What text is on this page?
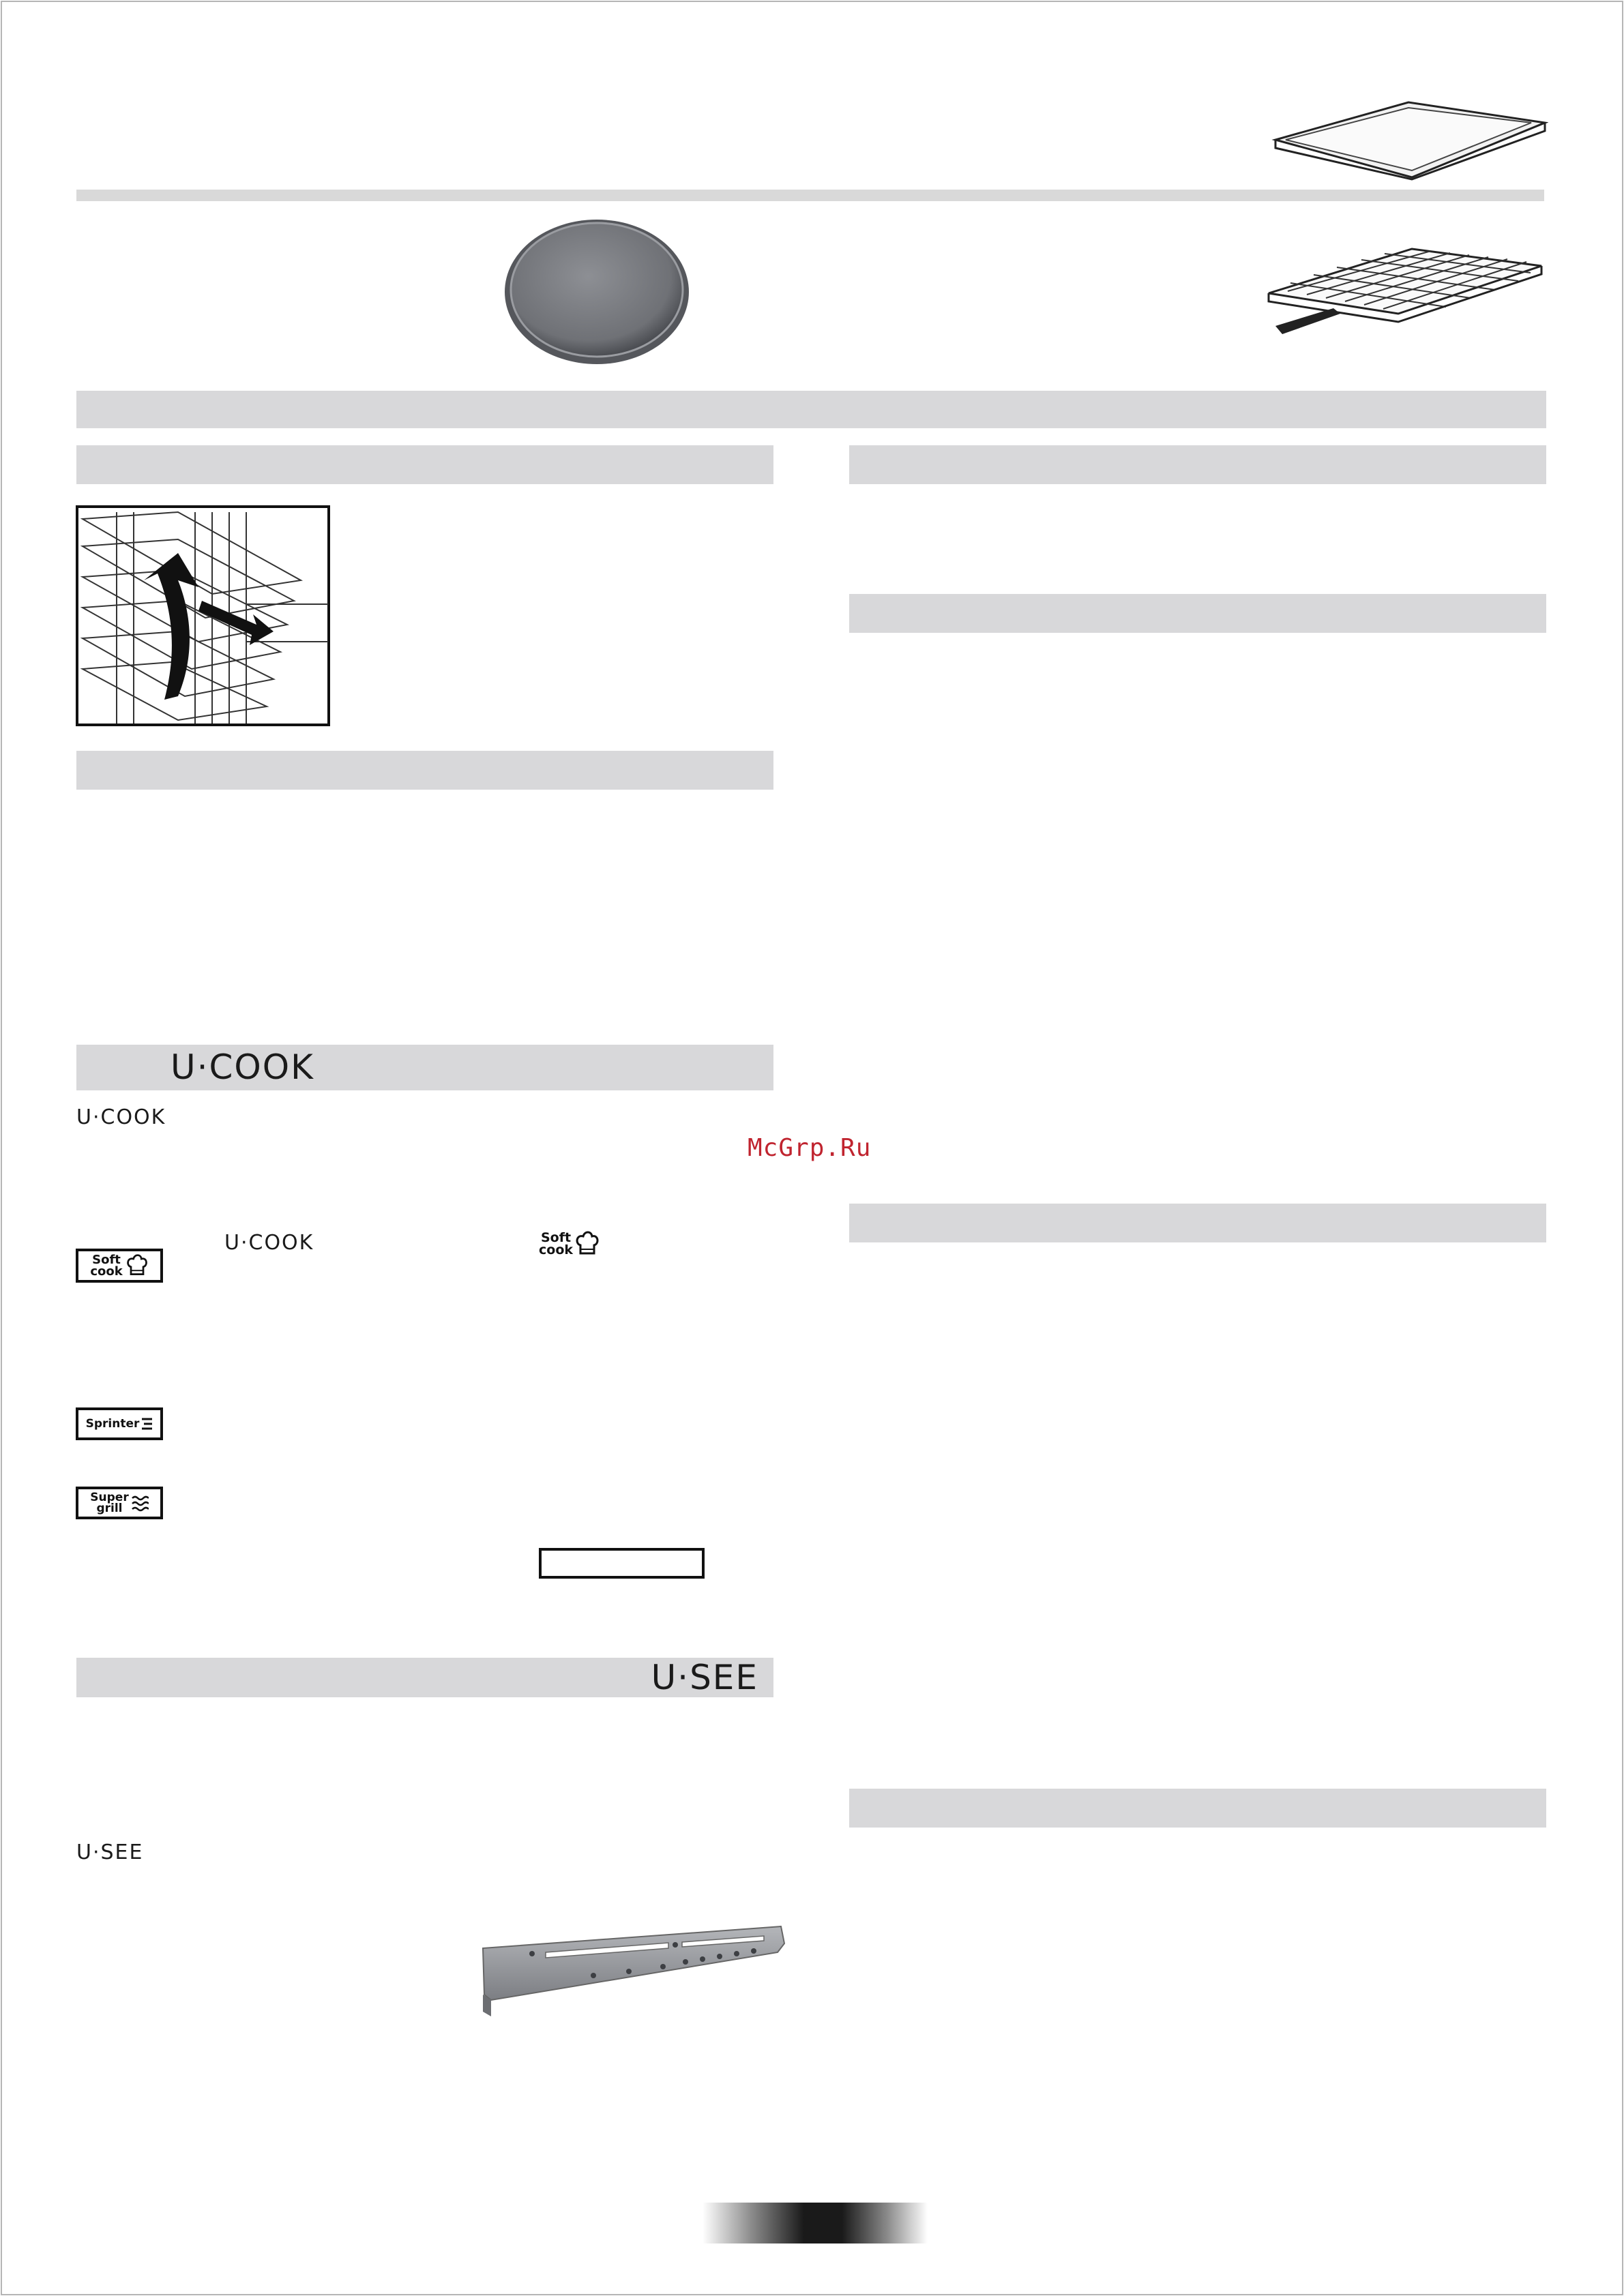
U·COOK
U·COOK
McGrp.Ru
U·COOK	Soft
cook
Soft
cook
Sprinter
Super
grill
U·SEE
U·SEE
